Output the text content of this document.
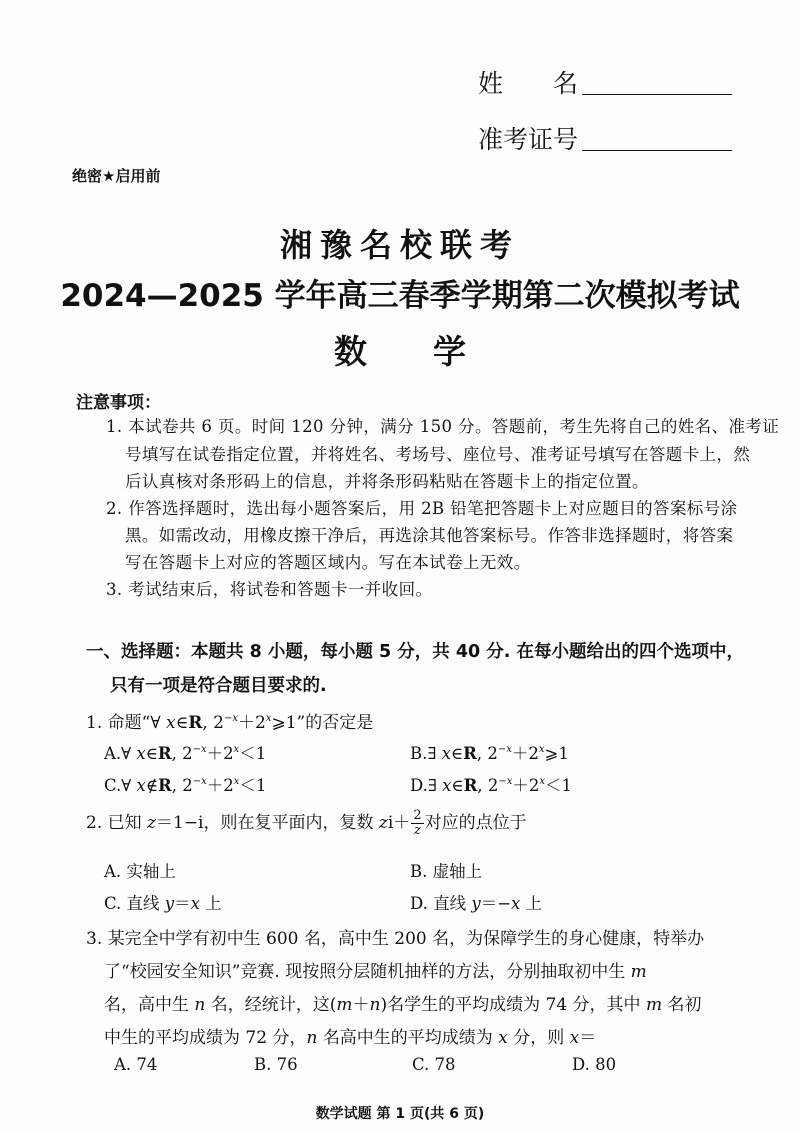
姓　　名
准考证号
绝密★启用前
湘豫名校联考
2024—2025 学年高三春季学期第二次模拟考试
数　　学
注意事项：
1. 本试卷共 6 页。时间 120 分钟，满分 150 分。答题前，考生先将自己的姓名、准考证
号填写在试卷指定位置，并将姓名、考场号、座位号、准考证号填写在答题卡上，然
后认真核对条形码上的信息，并将条形码粘贴在答题卡上的指定位置。
2. 作答选择题时，选出每小题答案后，用 2B 铅笔把答题卡上对应题目的答案标号涂
黑。如需改动，用橡皮擦干净后，再选涂其他答案标号。作答非选择题时，将答案
写在答题卡上对应的答题区域内。写在本试卷上无效。
3. 考试结束后，将试卷和答题卡一并收回。
一、选择题：本题共 8 小题，每小题 5 分，共 40 分. 在每小题给出的四个选项中，
只有一项是符合题目要求的.
1. 命题“∀ x∈R, $2^{-x}+2^x⩾1$”的否定是
A.∀ x∈R, $2^{-x}+2^x<1$	B.∃ x∈R, $2^{-x}+2^x⩾1$
C.∀ x∉R, $2^{-x}+2^x<1$	D.∃ x∈R, $2^{-x}+2^x<1$
2. 已知 z＝1−i，则在复平面内，复数 $zi+ \frac{2}{z}$ 对应的点位于
A. 实轴上	B. 虚轴上
C. 直线 y＝x 上	D. 直线 y＝−x 上
3. 某完全中学有初中生 600 名，高中生 200 名，为保障学生的身心健康，特举办
了“校园安全知识”竞赛. 现按照分层随机抽样的方法，分别抽取初中生 m
名，高中生 n 名，经统计，这(m＋n)名学生的平均成绩为 74 分，其中 m 名初
中生的平均成绩为 72 分，n 名高中生的平均成绩为 x 分，则 x＝
A. 74	B. 76	C. 78	D. 80
数学试题 第 1 页(共 6 页)
